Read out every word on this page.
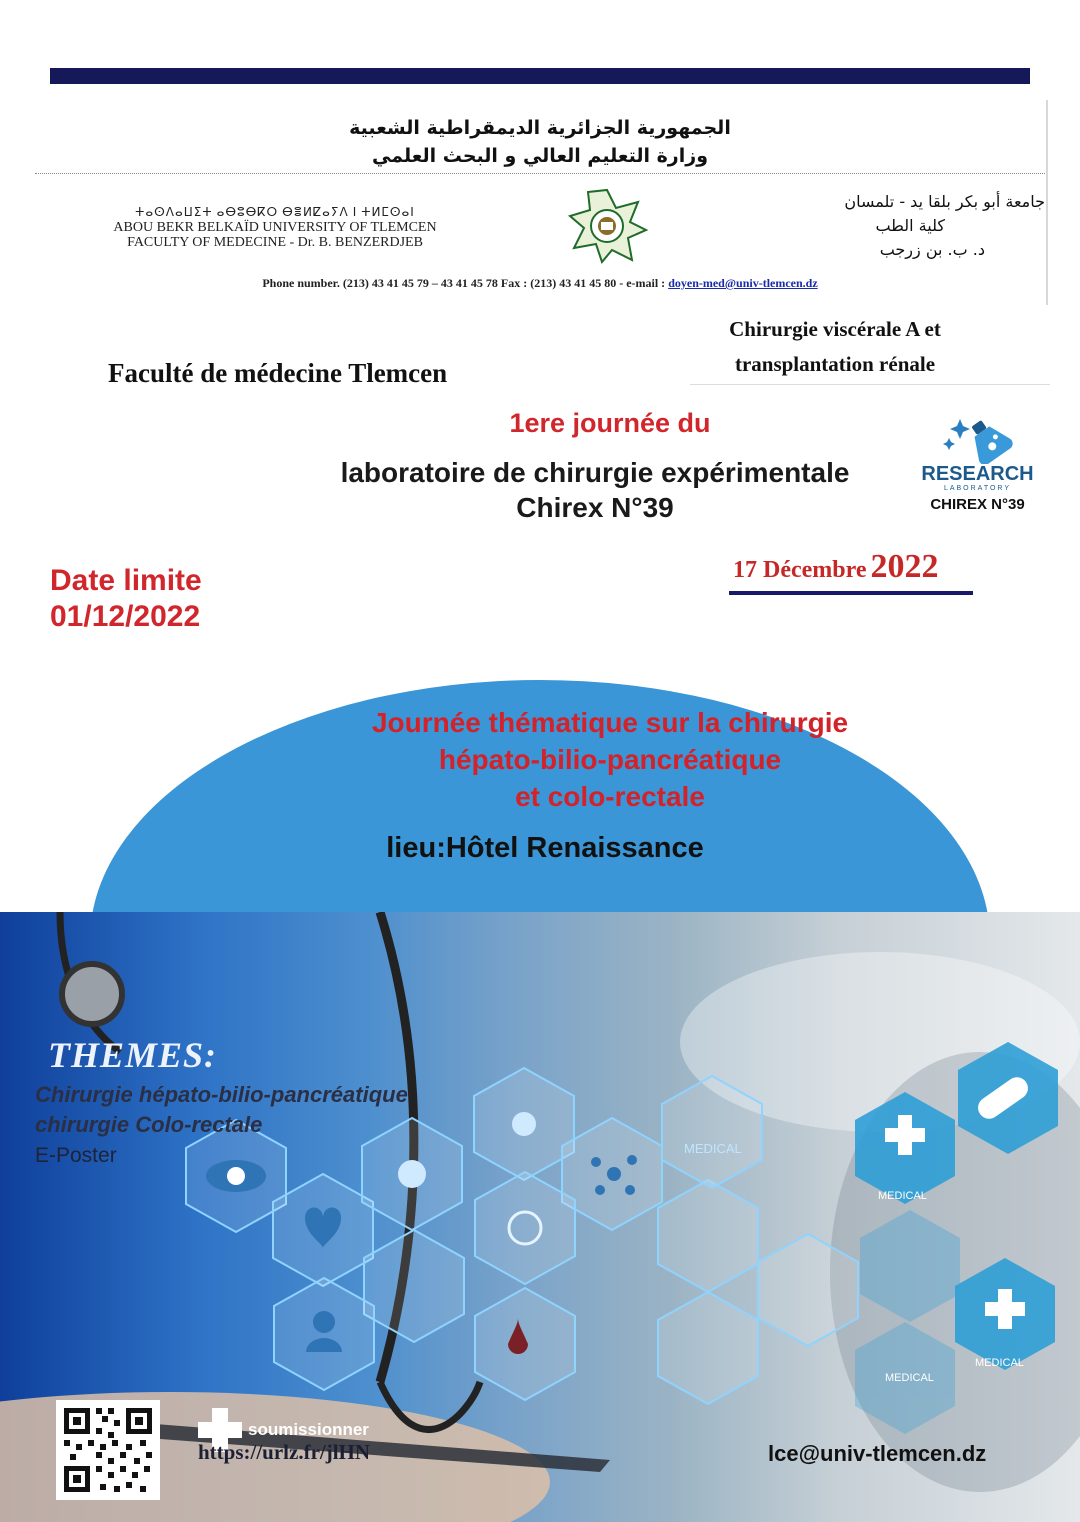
الجمهورية الجزائرية الديمقراطية الشعبية
وزارة التعليم العالي و البحث العلمي
ⵜⴰⵙⴷⴰⵡⵉⵜ ⴰⴱⵓⴱⴽⵔ ⴱⴻⵍⵇⴰⵢⴷ ⵏ ⵜⵍⵎⵙⴰⵏ
ABOU BEKR BELKAÏD UNIVERSITY OF TLEMCEN
FACULTY OF MEDECINE - Dr. B. BENZERDJEB
جامعة أبو بكر بلقا يد - تلمسان
كلية الطب
د. ب. بن زرجب
Phone number. (213) 43 41 45 79 – 43 41 45 78 Fax : (213) 43 41 45 80 - e-mail : doyen-med@univ-tlemcen.dz
Chirurgie viscérale A et
transplantation rénale
Faculté de médecine Tlemcen
1ere journée du
laboratoire de chirurgie expérimentale
Chirex N°39
RESEARCH
LABORATORY
CHIREX N°39
17 Décembre 2022
Date limite
01/12/2022
Journée thématique sur la chirurgie
hépato-bilio-pancréatique
et colo-rectale
lieu:Hôtel Renaissance
MEDICAL
MEDICAL
MEDICAL
MEDICAL
THEMES:
Chirurgie hépato-bilio-pancréatique
chirurgie Colo-rectale
E-Poster
soumissionner
https://urlz.fr/jlHN	lce@univ-tlemcen.dz
